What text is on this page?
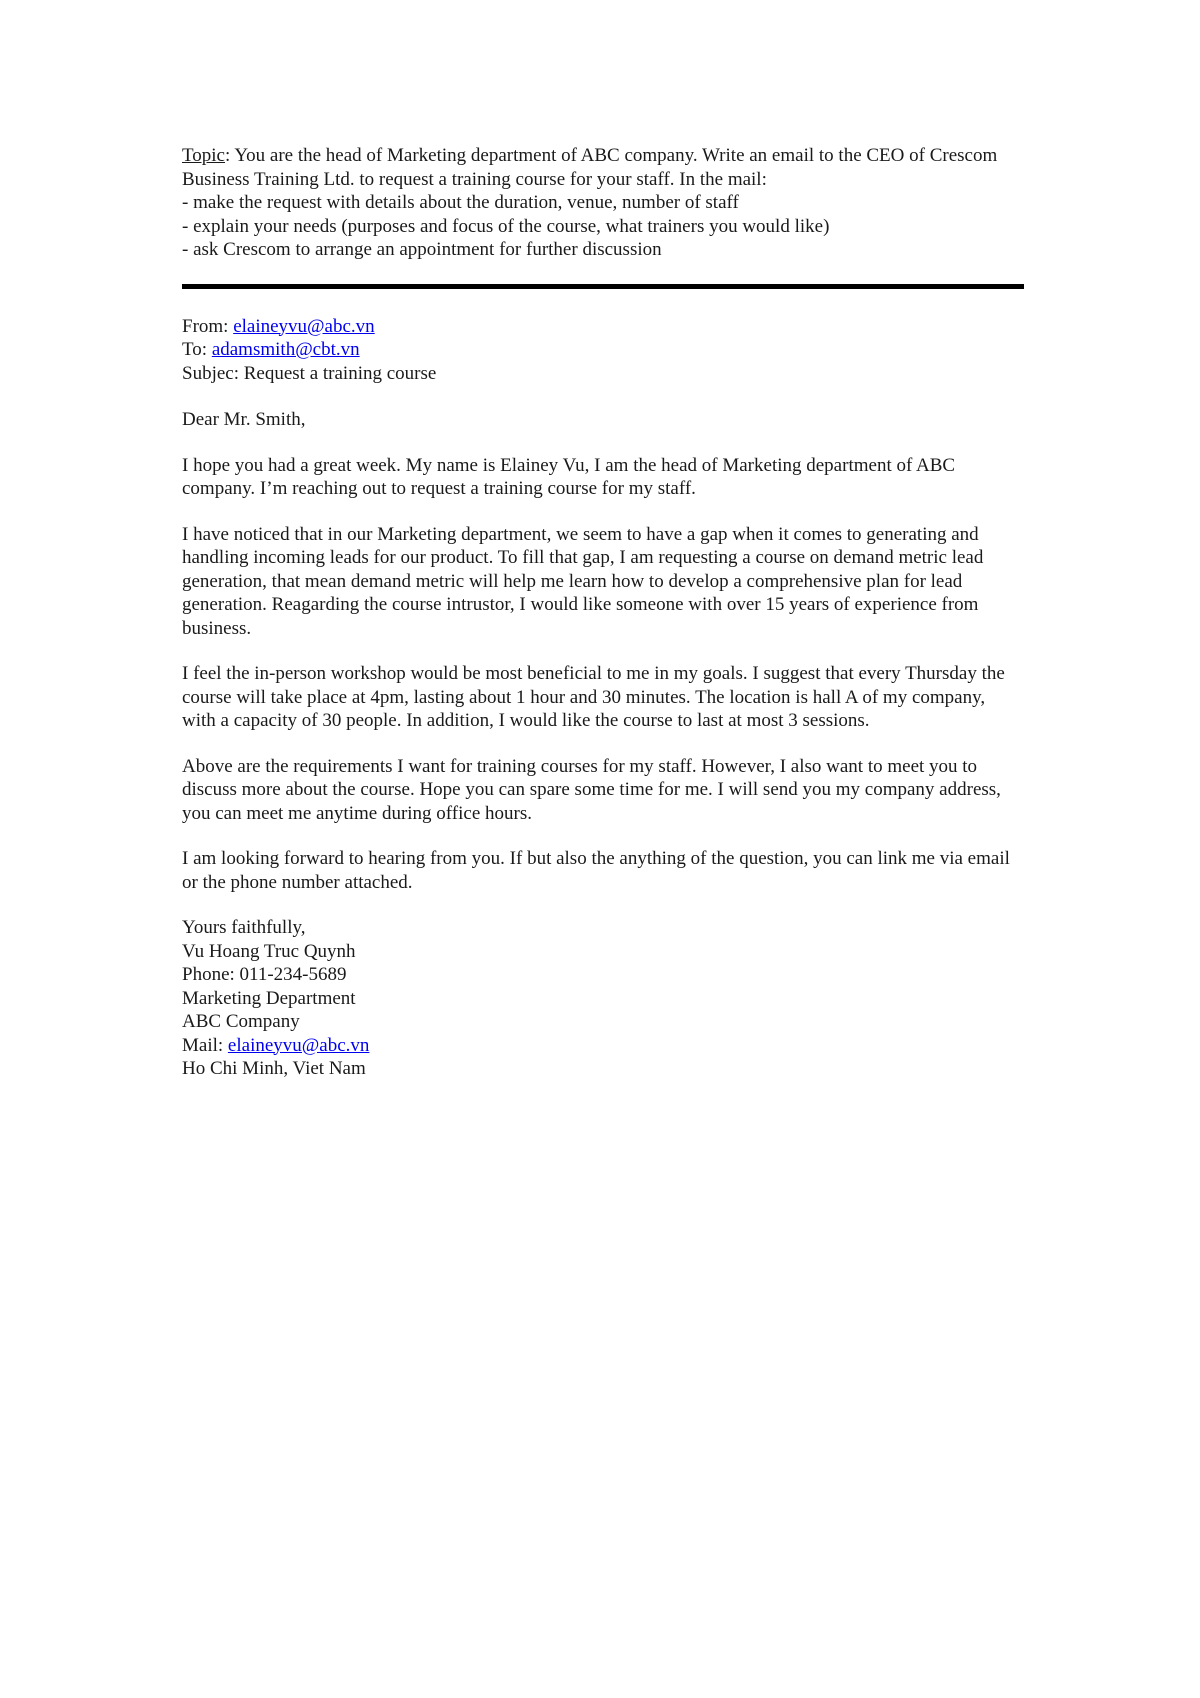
Topic: You are the head of Marketing department of ABC company. Write an email to the CEO of Crescom Business Training Ltd. to request a training course for your staff. In the mail:

- make the request with details about the duration, venue, number of staff

- explain your needs (purposes and focus of the course, what trainers you would like)

- ask Crescom to arrange an appointment for further discussion

From: elaineyvu@abc.vn

To: adamsmith@cbt.vn

Subjec: Request a training course

Dear Mr. Smith,

I hope you had a great week. My name is Elainey Vu, I am the head of Marketing department of ABC company. I’m reaching out to request a training course for my staff.

I have noticed that in our Marketing department, we seem to have a gap when it comes to generating and handling incoming leads for our product. To fill that gap, I am requesting a course on demand metric lead generation, that mean demand metric will help me learn how to develop a comprehensive plan for lead generation. Reagarding the course intrustor, I would like someone with over 15 years of experience from business.

I feel the in-person workshop would be most beneficial to me in my goals. I suggest that every Thursday the course will take place at 4pm, lasting about 1 hour and 30 minutes. The location is hall A of my company, with a capacity of 30 people. In addition, I would like the course to last at most 3 sessions.

Above are the requirements I want for training courses for my staff. However, I also want to meet you to discuss more about the course. Hope you can spare some time for me. I will send you my company address, you can meet me anytime during office hours.

I am looking forward to hearing from you. If but also the anything of the question, you can link me via email or the phone number attached.

Yours faithfully,

Vu Hoang Truc Quynh

Phone: 011-234-5689

Marketing Department

ABC Company

Mail: elaineyvu@abc.vn

Ho Chi Minh, Viet Nam
